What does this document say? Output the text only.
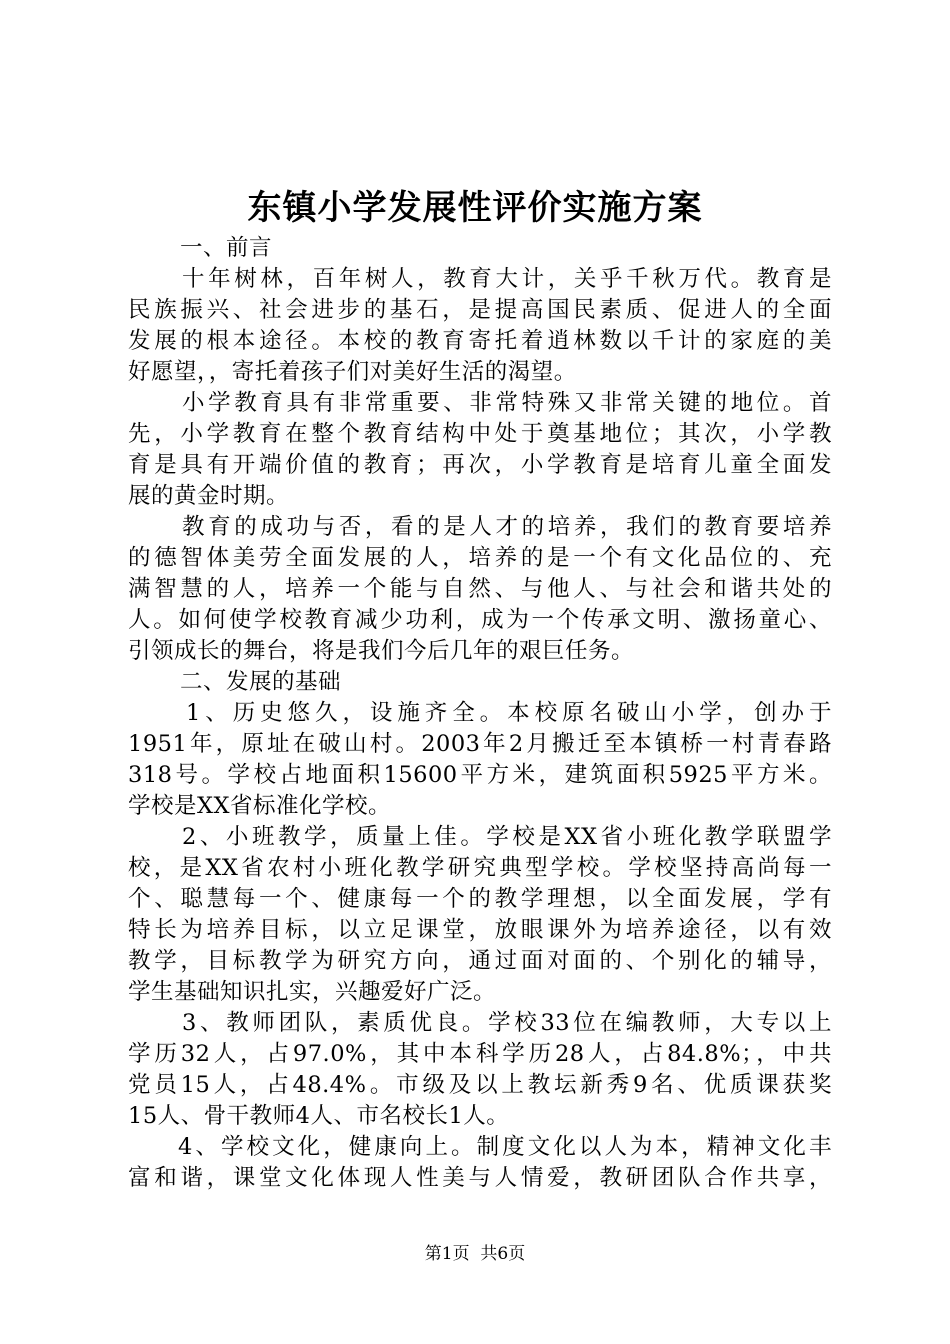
东镇小学发展性评价实施方案
一、前言
十年树林，百年树人，教育大计，关乎千秋万代。教育是
民族振兴、社会进步的基石，是提高国民素质、促进人的全面
发展的根本途径。本校的教育寄托着逍林数以千计的家庭的美
好愿望，，寄托着孩子们对美好生活的渴望。
小学教育具有非常重要、非常特殊又非常关键的地位。首
先，小学教育在整个教育结构中处于奠基地位；其次，小学教
育是具有开端价值的教育；再次，小学教育是培育儿童全面发
展的黄金时期。
教育的成功与否，看的是人才的培养，我们的教育要培养
的德智体美劳全面发展的人，培养的是一个有文化品位的、充
满智慧的人，培养一个能与自然、与他人、与社会和谐共处的
人。如何使学校教育减少功利，成为一个传承文明、激扬童心、
引领成长的舞台，将是我们今后几年的艰巨任务。
二、发展的基础
1、历史悠久，设施齐全。本校原名破山小学，创办于
1951年，原址在破山村。2003年2月搬迁至本镇桥一村青春路
318号。学校占地面积15600平方米，建筑面积5925平方米。
学校是XX省标准化学校。
2、小班教学，质量上佳。学校是XX省小班化教学联盟学
校，是XX省农村小班化教学研究典型学校。学校坚持高尚每一
个、聪慧每一个、健康每一个的教学理想，以全面发展，学有
特长为培养目标，以立足课堂，放眼课外为培养途径，以有效
教学，目标教学为研究方向，通过面对面的、个别化的辅导，
学生基础知识扎实，兴趣爱好广泛。
3、教师团队，素质优良。学校33位在编教师，大专以上
学历32人，占97.0%，其中本科学历28人，占84.8%；，中共
党员15人，占48.4%。市级及以上教坛新秀9名、优质课获奖
15人、骨干教师4人、市名校长1人。
4、学校文化，健康向上。制度文化以人为本，精神文化丰
富和谐，课堂文化体现人性美与人情爱，教研团队合作共享，
第1页  共6页
